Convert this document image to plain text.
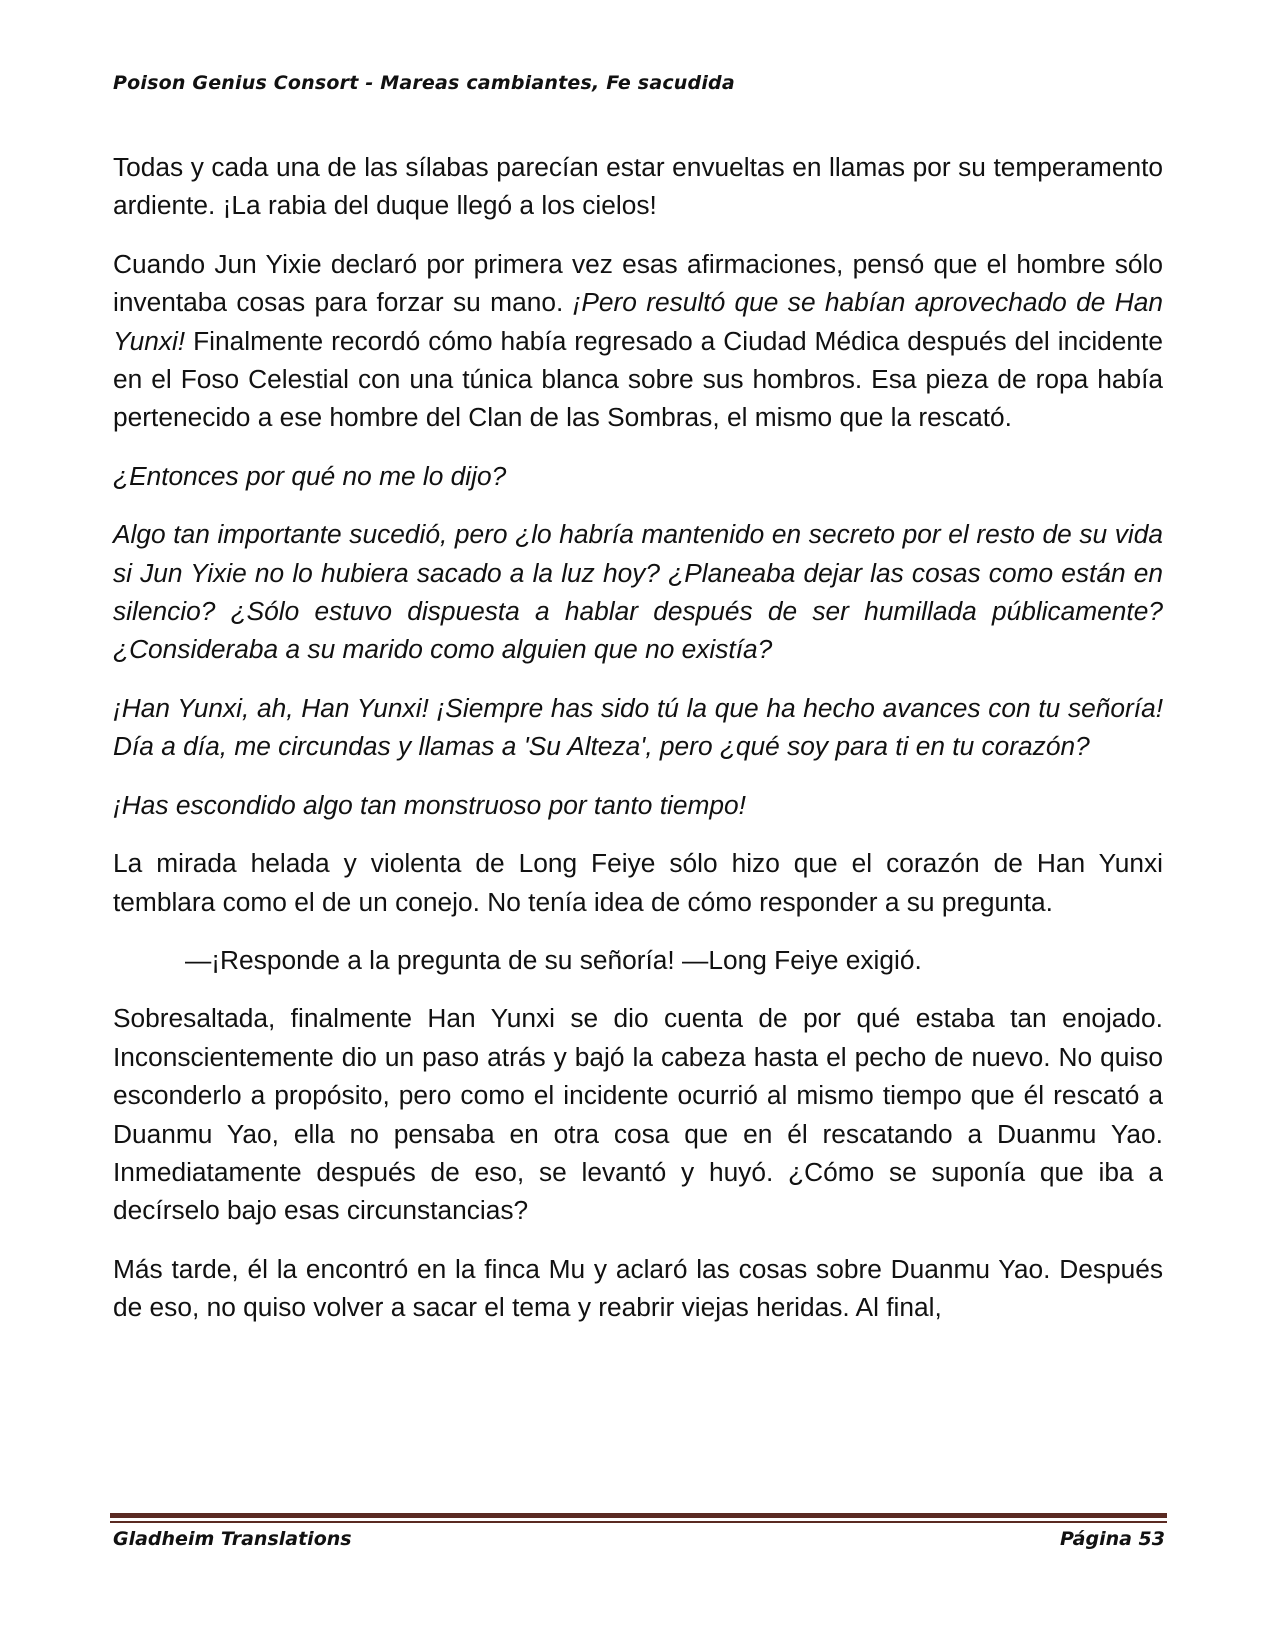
Poison Genius Consort - Mareas cambiantes, Fe sacudida

Todas y cada una de las sílabas parecían estar envueltas en llamas por su temperamento ardiente. ¡La rabia del duque llegó a los cielos!

Cuando Jun Yixie declaró por primera vez esas afirmaciones, pensó que el hombre sólo inventaba cosas para forzar su mano. ¡Pero resultó que se habían aprovechado de Han Yunxi! Finalmente recordó cómo había regresado a Ciudad Médica después del incidente en el Foso Celestial con una túnica blanca sobre sus hombros. Esa pieza de ropa había pertenecido a ese hombre del Clan de las Sombras, el mismo que la rescató.

¿Entonces por qué no me lo dijo?

Algo tan importante sucedió, pero ¿lo habría mantenido en secreto por el resto de su vida si Jun Yixie no lo hubiera sacado a la luz hoy? ¿Planeaba dejar las cosas como están en silencio? ¿Sólo estuvo dispuesta a hablar después de ser humillada públicamente? ¿Consideraba a su marido como alguien que no existía?

¡Han Yunxi, ah, Han Yunxi! ¡Siempre has sido tú la que ha hecho avances con tu señoría! Día a día, me circundas y llamas a 'Su Alteza', pero ¿qué soy para ti en tu corazón?

¡Has escondido algo tan monstruoso por tanto tiempo!

La mirada helada y violenta de Long Feiye sólo hizo que el corazón de Han Yunxi temblara como el de un conejo. No tenía idea de cómo responder a su pregunta.

—¡Responde a la pregunta de su señoría! —Long Feiye exigió.

Sobresaltada, finalmente Han Yunxi se dio cuenta de por qué estaba tan enojado. Inconscientemente dio un paso atrás y bajó la cabeza hasta el pecho de nuevo. No quiso esconderlo a propósito, pero como el incidente ocurrió al mismo tiempo que él rescató a Duanmu Yao, ella no pensaba en otra cosa que en él rescatando a Duanmu Yao. Inmediatamente después de eso, se levantó y huyó. ¿Cómo se suponía que iba a decírselo bajo esas circunstancias?

Más tarde, él la encontró en la finca Mu y aclaró las cosas sobre Duanmu Yao. Después de eso, no quiso volver a sacar el tema y reabrir viejas heridas. Al final,

Gladheim Translations	Página 53
